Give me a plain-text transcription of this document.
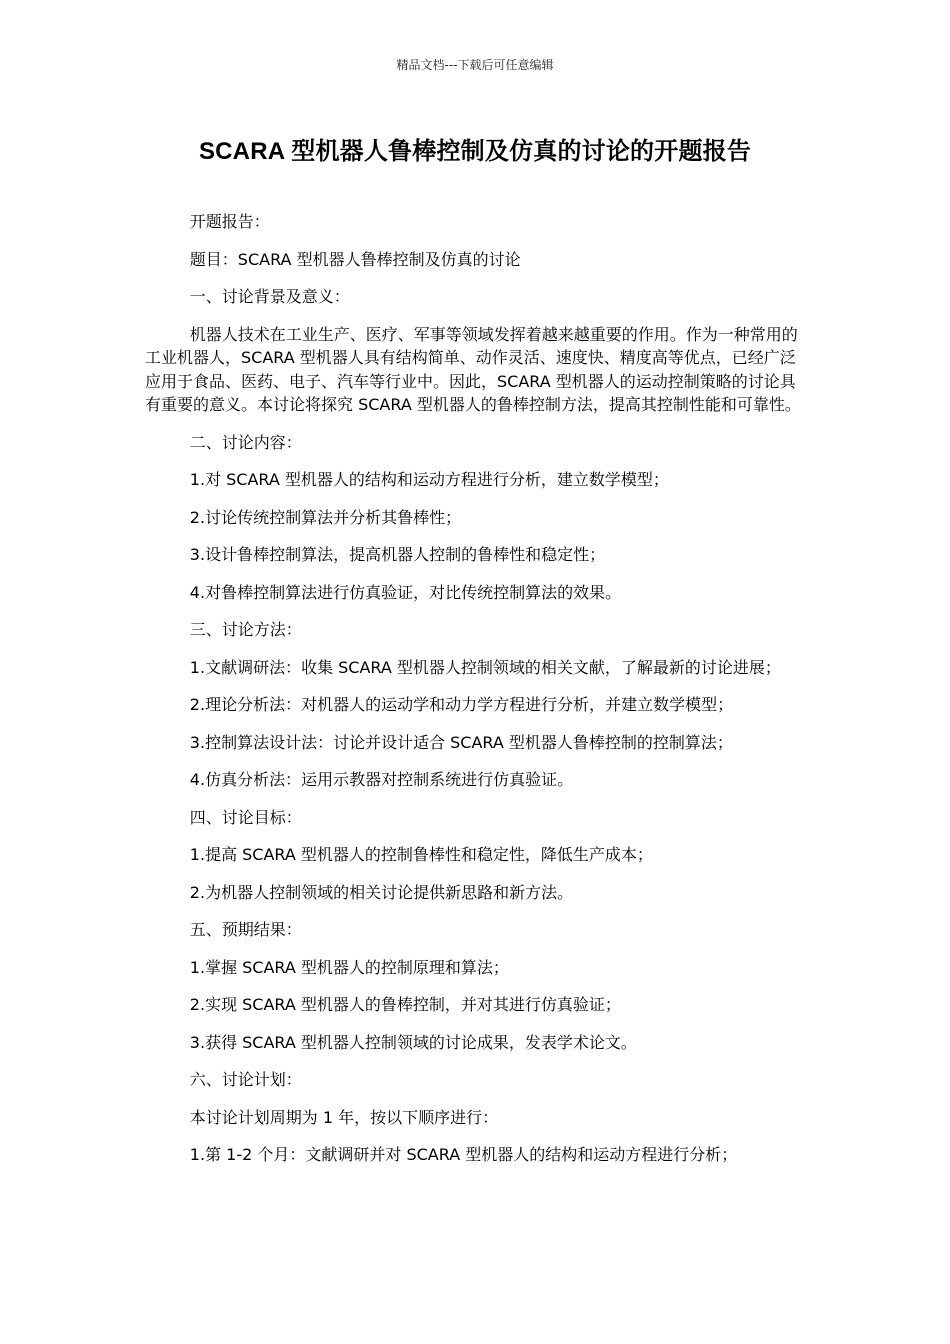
精品文档---下载后可任意编辑
SCARA 型机器人鲁棒控制及仿真的讨论的开题报告

开题报告：

题目：SCARA 型机器人鲁棒控制及仿真的讨论

一、讨论背景及意义：

机器人技术在工业生产、医疗、军事等领域发挥着越来越重要的作用。作为一种常用的工业机器人，SCARA 型机器人具有结构简单、动作灵活、速度快、精度高等优点，已经广泛应用于食品、医药、电子、汽车等行业中。因此，SCARA 型机器人的运动控制策略的讨论具有重要的意义。本讨论将探究 SCARA 型机器人的鲁棒控制方法，提高其控制性能和可靠性。

二、讨论内容：

1.对 SCARA 型机器人的结构和运动方程进行分析，建立数学模型；

2.讨论传统控制算法并分析其鲁棒性；

3.设计鲁棒控制算法，提高机器人控制的鲁棒性和稳定性；

4.对鲁棒控制算法进行仿真验证，对比传统控制算法的效果。

三、讨论方法：

1.文献调研法：收集 SCARA 型机器人控制领域的相关文献，了解最新的讨论进展；

2.理论分析法：对机器人的运动学和动力学方程进行分析，并建立数学模型；

3.控制算法设计法：讨论并设计适合 SCARA 型机器人鲁棒控制的控制算法；

4.仿真分析法：运用示教器对控制系统进行仿真验证。

四、讨论目标：

1.提高 SCARA 型机器人的控制鲁棒性和稳定性，降低生产成本；

2.为机器人控制领域的相关讨论提供新思路和新方法。

五、预期结果：

1.掌握 SCARA 型机器人的控制原理和算法；

2.实现 SCARA 型机器人的鲁棒控制，并对其进行仿真验证；

3.获得 SCARA 型机器人控制领域的讨论成果，发表学术论文。

六、讨论计划：

本讨论计划周期为 1 年，按以下顺序进行：

1.第 1-2 个月：文献调研并对 SCARA 型机器人的结构和运动方程进行分析；
